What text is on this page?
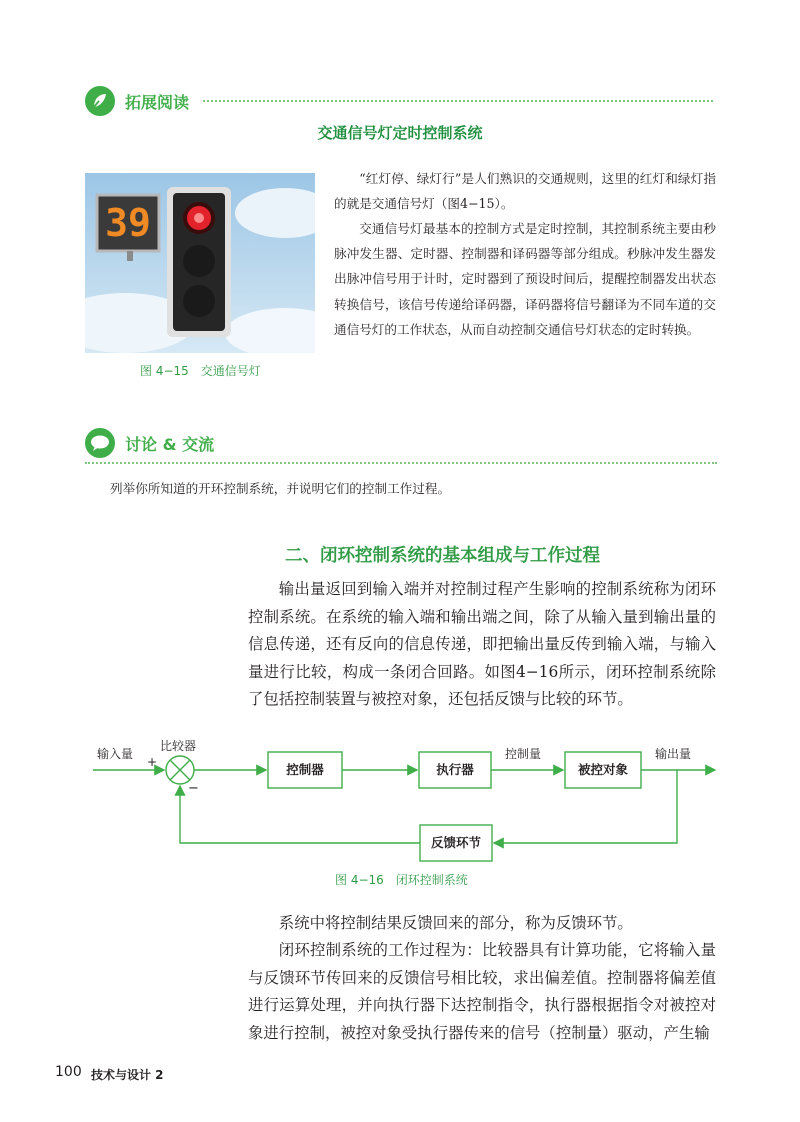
拓展阅读
交通信号灯定时控制系统
39
图 4−15　交通信号灯

“红灯停、绿灯行”是人们熟识的交通规则，这里的红灯和绿灯指的就是交通信号灯（图4−15）。

交通信号灯最基本的控制方式是定时控制，其控制系统主要由秒脉冲发生器、定时器、控制器和译码器等部分组成。秒脉冲发生器发出脉冲信号用于计时，定时器到了预设时间后，提醒控制器发出状态转换信号，该信号传递给译码器，译码器将信号翻译为不同车道的交通信号灯的工作状态，从而自动控制交通信号灯状态的定时转换。

讨论 & 交流
列举你所知道的开环控制系统，并说明它们的控制工作过程。
二、闭环控制系统的基本组成与工作过程

输出量返回到输入端并对控制过程产生影响的控制系统称为闭环控制系统。在系统的输入端和输出端之间，除了从输入量到输出量的信息传递，还有反向的信息传递，即把输出量反传到输入端，与输入量进行比较，构成一条闭合回路。如图4−16所示，闭环控制系统除了包括控制装置与被控对象，还包括反馈与比较的环节。

输入量
+
比较器
−
控制器	执行器
控制量
被控对象
输出量
反馈环节
图 4−16　闭环控制系统

系统中将控制结果反馈回来的部分，称为反馈环节。

闭环控制系统的工作过程为：比较器具有计算功能，它将输入量与反馈环节传回来的反馈信号相比较，求出偏差值。控制器将偏差值进行运算处理，并向执行器下达控制指令，执行器根据指令对被控对象进行控制，被控对象受执行器传来的信号（控制量）驱动，产生输

100 技术与设计 2
